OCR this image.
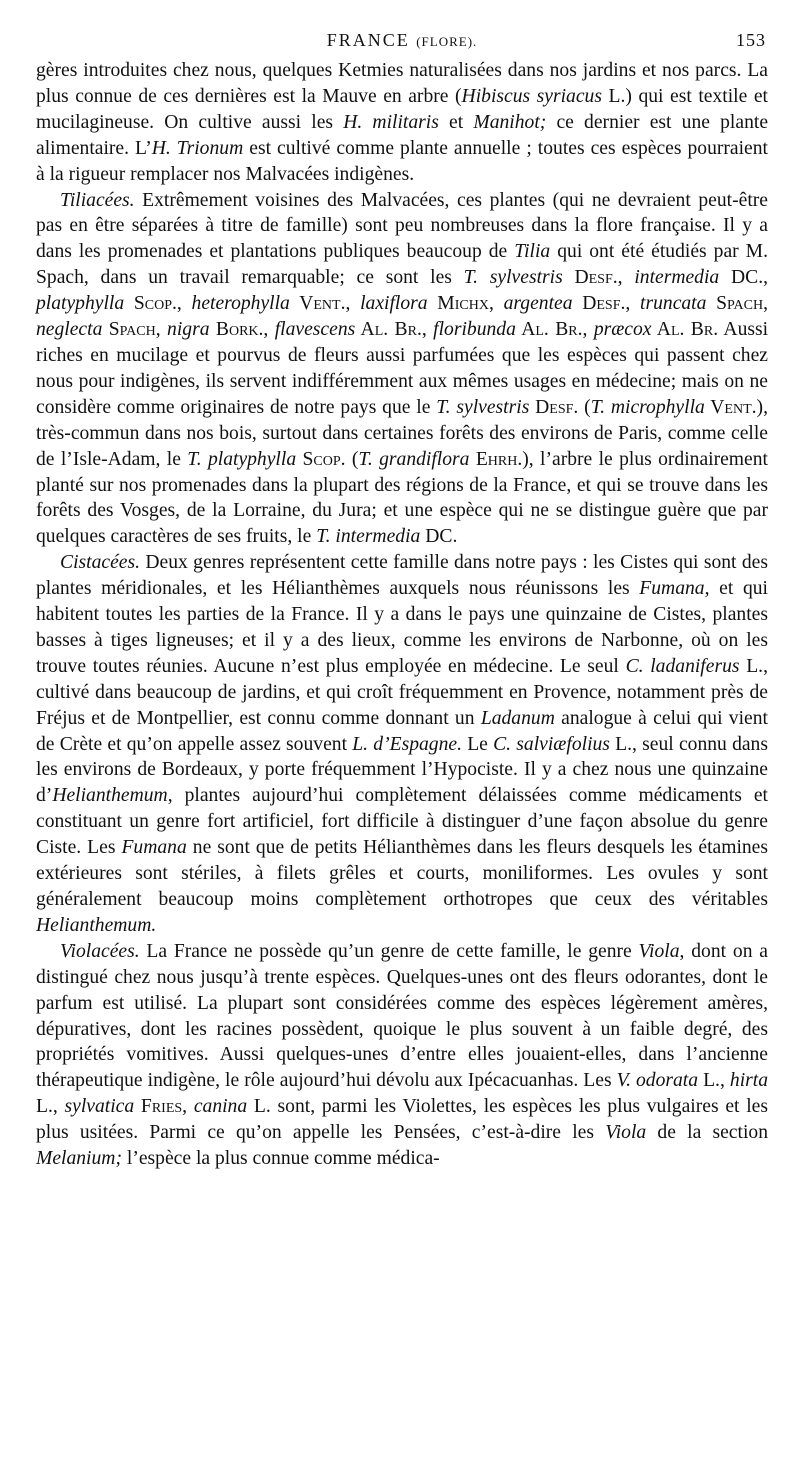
FRANCE (FLORE).	153

gères introduites chez nous, quelques Ketmies naturalisées dans nos jardins et nos parcs. La plus connue de ces dernières est la Mauve en arbre (Hibiscus syriacus L.) qui est textile et mucilagineuse. On cultive aussi les H. militaris et Manihot; ce dernier est une plante alimentaire. L’H. Trionum est cultivé comme plante annuelle ; toutes ces espèces pourraient à la rigueur remplacer nos Malvacées indigènes.

Tiliacées. Extrêmement voisines des Malvacées, ces plantes (qui ne devraient peut-être pas en être séparées à titre de famille) sont peu nombreuses dans la flore française. Il y a dans les promenades et plantations publiques beaucoup de Tilia qui ont été étudiés par M. Spach, dans un travail remarquable; ce sont les T. sylvestris Desf., intermedia DC., platyphylla Scop., heterophylla Vent., laxiflora Michx, argentea Desf., truncata Spach, neglecta Spach, nigra Bork., flavescens Al. Br., floribunda Al. Br., præcox Al. Br. Aussi riches en mucilage et pourvus de fleurs aussi parfumées que les espèces qui passent chez nous pour indigènes, ils servent indifféremment aux mêmes usages en médecine; mais on ne considère comme originaires de notre pays que le T. sylvestris Desf. (T. microphylla Vent.), très-commun dans nos bois, surtout dans certaines forêts des environs de Paris, comme celle de l’Isle-Adam, le T. platyphylla Scop. (T. grandiflora Ehrh.), l’arbre le plus ordinairement planté sur nos promenades dans la plupart des régions de la France, et qui se trouve dans les forêts des Vosges, de la Lorraine, du Jura; et une espèce qui ne se distingue guère que par quelques caractères de ses fruits, le T. intermedia DC.

Cistacées. Deux genres représentent cette famille dans notre pays : les Cistes qui sont des plantes méridionales, et les Hélianthèmes auxquels nous réunissons les Fumana, et qui habitent toutes les parties de la France. Il y a dans le pays une quinzaine de Cistes, plantes basses à tiges ligneuses; et il y a des lieux, comme les environs de Narbonne, où on les trouve toutes réunies. Aucune n’est plus employée en médecine. Le seul C. ladaniferus L., cultivé dans beaucoup de jardins, et qui croît fréquemment en Provence, notamment près de Fréjus et de Montpellier, est connu comme donnant un Ladanum analogue à celui qui vient de Crète et qu’on appelle assez souvent L. d’Espagne. Le C. salviæfolius L., seul connu dans les environs de Bordeaux, y porte fréquemment l’Hypociste. Il y a chez nous une quinzaine d’Helianthemum, plantes aujourd’hui complètement délaissées comme médicaments et constituant un genre fort artificiel, fort difficile à distinguer d’une façon absolue du genre Ciste. Les Fumana ne sont que de petits Hélianthèmes dans les fleurs desquels les étamines extérieures sont stériles, à filets grêles et courts, moniliformes. Les ovules y sont généralement beaucoup moins complètement orthotropes que ceux des véritables Helianthemum.

Violacées. La France ne possède qu’un genre de cette famille, le genre Viola, dont on a distingué chez nous jusqu’à trente espèces. Quelques-unes ont des fleurs odorantes, dont le parfum est utilisé. La plupart sont considérées comme des espèces légèrement amères, dépuratives, dont les racines possèdent, quoique le plus souvent à un faible degré, des propriétés vomitives. Aussi quelques-unes d’entre elles jouaient-elles, dans l’ancienne thérapeutique indigène, le rôle aujourd’hui dévolu aux Ipécacuanhas. Les V. odorata L., hirta L., sylvatica Fries, canina L. sont, parmi les Violettes, les espèces les plus vulgaires et les plus usitées. Parmi ce qu’on appelle les Pensées, c’est-à-dire les Viola de la section Melanium; l’espèce la plus connue comme médica-
